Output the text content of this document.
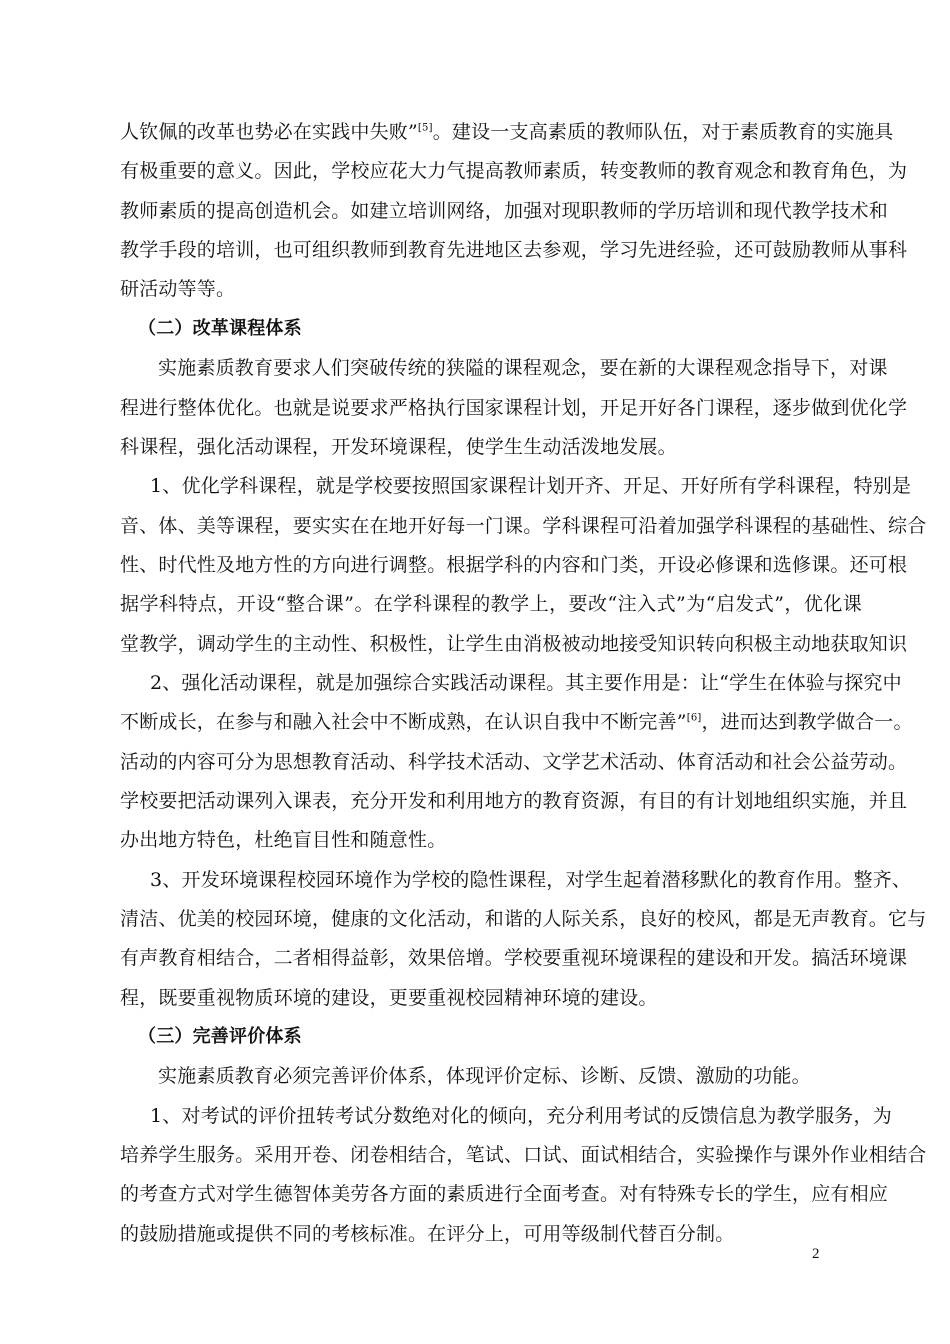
人钦佩的改革也势必在实践中失败”[5]。建设一支高素质的教师队伍，对于素质教育的实施具
有极重要的意义。因此，学校应花大力气提高教师素质，转变教师的教育观念和教育角色，为
教师素质的提高创造机会。如建立培训网络，加强对现职教师的学历培训和现代教学技术和
教学手段的培训，也可组织教师到教育先进地区去参观，学习先进经验，还可鼓励教师从事科
研活动等等。
（二）改革课程体系
实施素质教育要求人们突破传统的狭隘的课程观念，要在新的大课程观念指导下，对课
程进行整体优化。也就是说要求严格执行国家课程计划，开足开好各门课程，逐步做到优化学
科课程，强化活动课程，开发环境课程，使学生生动活泼地发展。
1、优化学科课程，就是学校要按照国家课程计划开齐、开足、开好所有学科课程，特别是
音、体、美等课程，要实实在在地开好每一门课。学科课程可沿着加强学科课程的基础性、综合
性、时代性及地方性的方向进行调整。根据学科的内容和门类，开设必修课和选修课。还可根
据学科特点，开设“整合课”。在学科课程的教学上，要改“注入式”为“启发式”，优化课
堂教学，调动学生的主动性、积极性，让学生由消极被动地接受知识转向积极主动地获取知识
2、强化活动课程，就是加强综合实践活动课程。其主要作用是：让“学生在体验与探究中
不断成长，在参与和融入社会中不断成熟，在认识自我中不断完善”[6]，进而达到教学做合一。
活动的内容可分为思想教育活动、科学技术活动、文学艺术活动、体育活动和社会公益劳动。
学校要把活动课列入课表，充分开发和利用地方的教育资源，有目的有计划地组织实施，并且
办出地方特色，杜绝盲目性和随意性。
3、开发环境课程校园环境作为学校的隐性课程，对学生起着潜移默化的教育作用。整齐、
清洁、优美的校园环境，健康的文化活动，和谐的人际关系，良好的校风，都是无声教育。它与
有声教育相结合，二者相得益彰，效果倍增。学校要重视环境课程的建设和开发。搞活环境课
程，既要重视物质环境的建设，更要重视校园精神环境的建设。
（三）完善评价体系
实施素质教育必须完善评价体系，体现评价定标、诊断、反馈、激励的功能。
1、对考试的评价扭转考试分数绝对化的倾向，充分利用考试的反馈信息为教学服务，为
培养学生服务。采用开卷、闭卷相结合，笔试、口试、面试相结合，实验操作与课外作业相结合
的考查方式对学生德智体美劳各方面的素质进行全面考查。对有特殊专长的学生，应有相应
的鼓励措施或提供不同的考核标准。在评分上，可用等级制代替百分制。
2
